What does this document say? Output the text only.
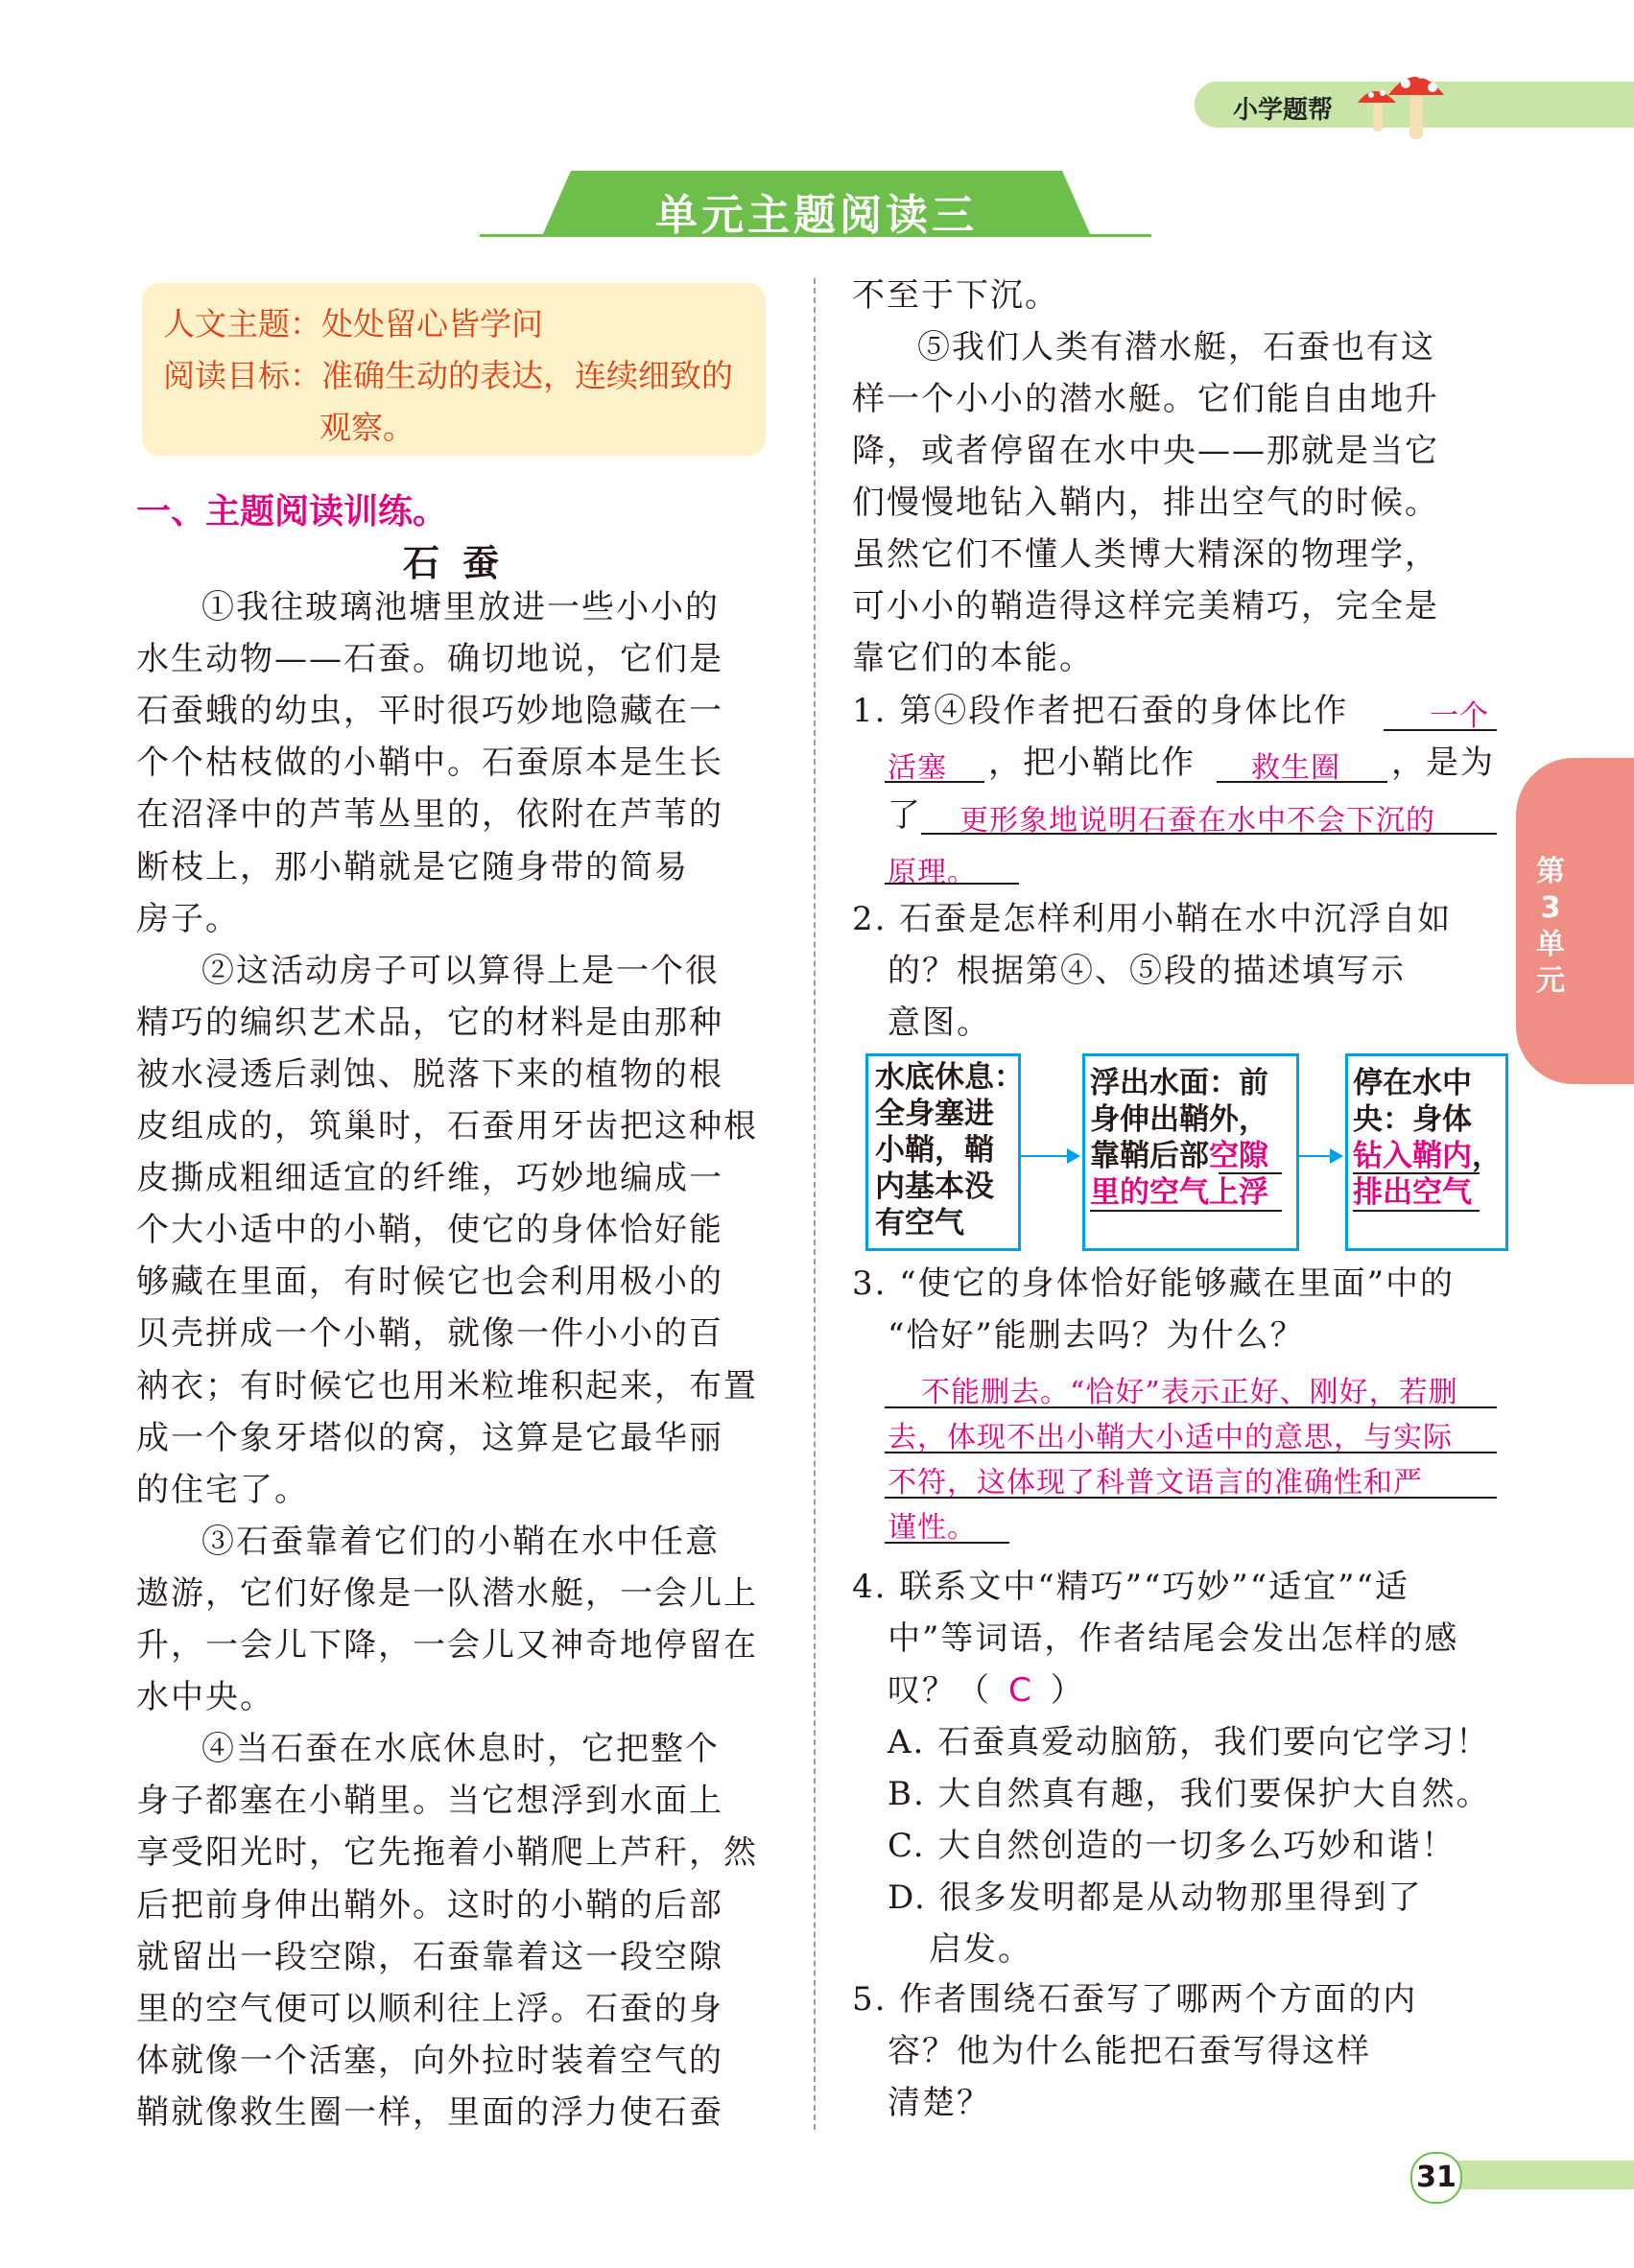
小学题帮
单元主题阅读三
人文主题：处处留心皆学问
阅读目标：准确生动的表达，连续细致的
观察。
一、主题阅读训练。
石蚕
1. 第④段作者把石蚕的身体比作	一个
活塞 ，把小鞘比作 救生圈 ，是为
了 更形象地说明石蚕在水中不会下沉的
原理。
2. 石蚕是怎样利用小鞘在水中沉浮自如
的？根据第④、⑤段的描述填写示
意图。
水底休息：
全身塞进
小鞘，鞘
内基本没
有空气
浮出水面：前
身伸出鞘外，
靠鞘后部空隙
里的空气上浮
停在水中
央：身体
钻入鞘内，
排出空气
3. “使它的身体恰好能够藏在里面”中的
“恰好”能删去吗？为什么？
4. 联系文中“精巧”“巧妙”“适宜”“适
中”等词语，作者结尾会发出怎样的感
叹？（ C ）
5. 作者围绕石蚕写了哪两个方面的内
容？他为什么能把石蚕写得这样
清楚？
第3单元
31
①我往玻璃池塘里放进一些小小的
水生动物——石蚕。确切地说，它们是
石蚕蛾的幼虫，平时很巧妙地隐藏在一
个个枯枝做的小鞘中。石蚕原本是生长
在沼泽中的芦苇丛里的，依附在芦苇的
断枝上，那小鞘就是它随身带的简易
房子。
②这活动房子可以算得上是一个很
精巧的编织艺术品，它的材料是由那种
被水浸透后剥蚀、脱落下来的植物的根
皮组成的，筑巢时，石蚕用牙齿把这种根
皮撕成粗细适宜的纤维，巧妙地编成一
个大小适中的小鞘，使它的身体恰好能
够藏在里面，有时候它也会利用极小的
贝壳拼成一个小鞘，就像一件小小的百
衲衣；有时候它也用米粒堆积起来，布置
成一个象牙塔似的窝，这算是它最华丽
的住宅了。
③石蚕靠着它们的小鞘在水中任意
遨游，它们好像是一队潜水艇，一会儿上
升，一会儿下降，一会儿又神奇地停留在
水中央。
④当石蚕在水底休息时，它把整个
身子都塞在小鞘里。当它想浮到水面上
享受阳光时，它先拖着小鞘爬上芦秆，然
后把前身伸出鞘外。这时的小鞘的后部
就留出一段空隙，石蚕靠着这一段空隙
里的空气便可以顺利往上浮。石蚕的身
体就像一个活塞，向外拉时装着空气的
鞘就像救生圈一样，里面的浮力使石蚕
不至于下沉。
⑤我们人类有潜水艇，石蚕也有这
样一个小小的潜水艇。它们能自由地升
降，或者停留在水中央——那就是当它
们慢慢地钻入鞘内，排出空气的时候。
虽然它们不懂人类博大精深的物理学，
可小小的鞘造得这样完美精巧，完全是
靠它们的本能。
不能删去。“恰好”表示正好、刚好，若删
去，体现不出小鞘大小适中的意思，与实际
不符，这体现了科普文语言的准确性和严
谨性。
A. 石蚕真爱动脑筋，我们要向它学习！
B. 大自然真有趣，我们要保护大自然。
C. 大自然创造的一切多么巧妙和谐！
D. 很多发明都是从动物那里得到了
启发。
